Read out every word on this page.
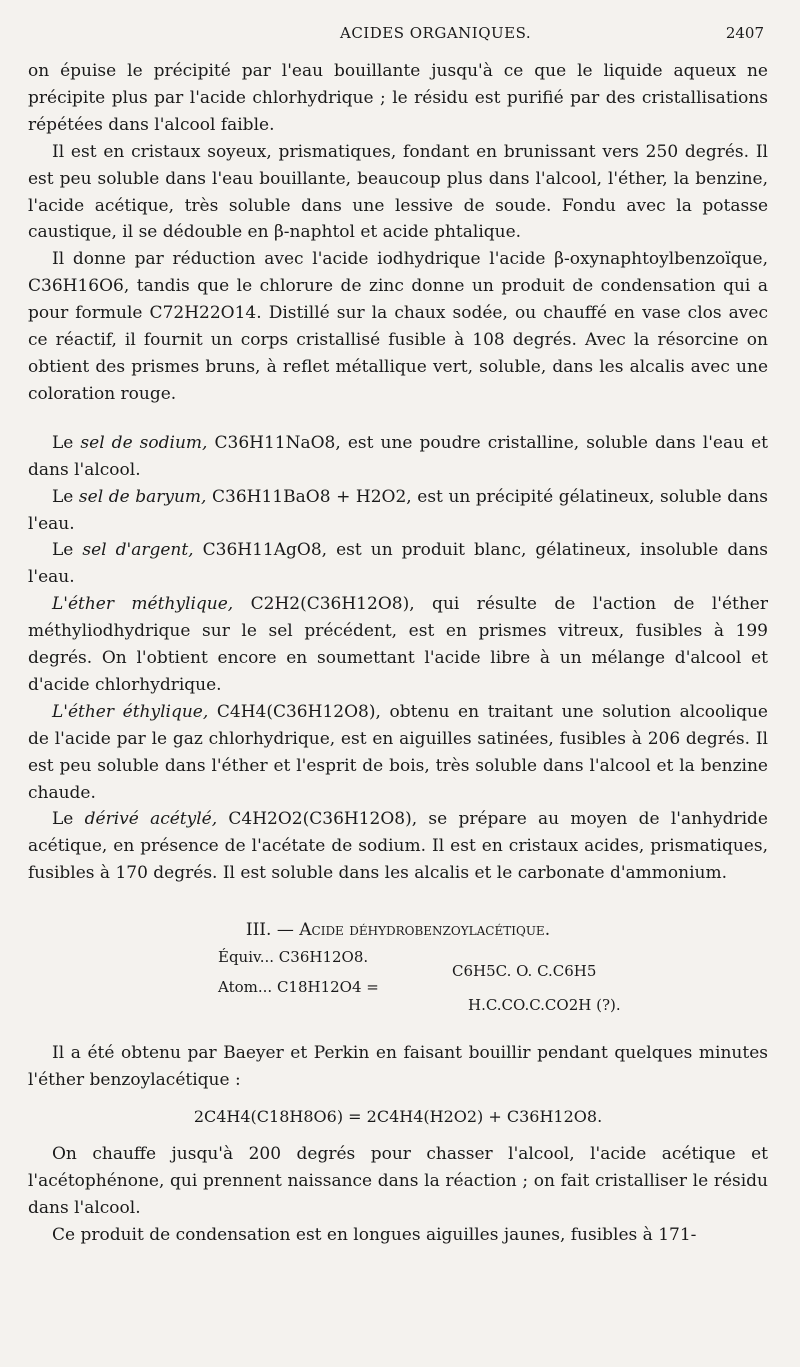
ACIDES ORGANIQUES.	2407

on épuise le précipité par l'eau bouillante jusqu'à ce que le liquide aqueux ne précipite plus par l'acide chlorhydrique ; le résidu est purifié par des cristallisations répétées dans l'alcool faible.

Il est en cristaux soyeux, prismatiques, fondant en brunissant vers 250 degrés. Il est peu soluble dans l'eau bouillante, beaucoup plus dans l'alcool, l'éther, la benzine, l'acide acétique, très soluble dans une lessive de soude. Fondu avec la potasse caustique, il se dédouble en β-naphtol et acide phtalique.

Il donne par réduction avec l'acide iodhydrique l'acide β-oxynaphtoylbenzoïque, C36H16O6, tandis que le chlorure de zinc donne un produit de condensation qui a pour formule C72H22O14. Distillé sur la chaux sodée, ou chauffé en vase clos avec ce réactif, il fournit un corps cristallisé fusible à 108 degrés. Avec la résorcine on obtient des prismes bruns, à reflet métallique vert, soluble, dans les alcalis avec une coloration rouge.

Le sel de sodium, C36H11NaO8, est une poudre cristalline, soluble dans l'eau et dans l'alcool.

Le sel de baryum, C36H11BaO8 + H2O2, est un précipité gélatineux, soluble dans l'eau.

Le sel d'argent, C36H11AgO8, est un produit blanc, gélatineux, insoluble dans l'eau.

L'éther méthylique, C2H2(C36H12O8), qui résulte de l'action de l'éther méthyliodhydrique sur le sel précédent, est en prismes vitreux, fusibles à 199 degrés. On l'obtient encore en soumettant l'acide libre à un mélange d'alcool et d'acide chlorhydrique.

L'éther éthylique, C4H4(C36H12O8), obtenu en traitant une solution alcoolique de l'acide par le gaz chlorhydrique, est en aiguilles satinées, fusibles à 206 degrés. Il est peu soluble dans l'éther et l'esprit de bois, très soluble dans l'alcool et la benzine chaude.

Le dérivé acétylé, C4H2O2(C36H12O8), se prépare au moyen de l'anhydride acétique, en présence de l'acétate de sodium. Il est en cristaux acides, prismatiques, fusibles à 170 degrés. Il est soluble dans les alcalis et le carbonate d'ammonium.

III. — Acide déhydrobenzoylacétique.
Équiv... C36H12O8.
Atom... C18H12O4 =
C6H5C. O. C.C6H5
H.C.CO.C.CO2H (?).

Il a été obtenu par Baeyer et Perkin en faisant bouillir pendant quelques minutes l'éther benzoylacétique :

2C4H4(C18H8O6) = 2C4H4(H2O2) + C36H12O8.

On chauffe jusqu'à 200 degrés pour chasser l'alcool, l'acide acétique et l'acétophénone, qui prennent naissance dans la réaction ; on fait cristalliser le résidu dans l'alcool.

Ce produit de condensation est en longues aiguilles jaunes, fusibles à 171-
